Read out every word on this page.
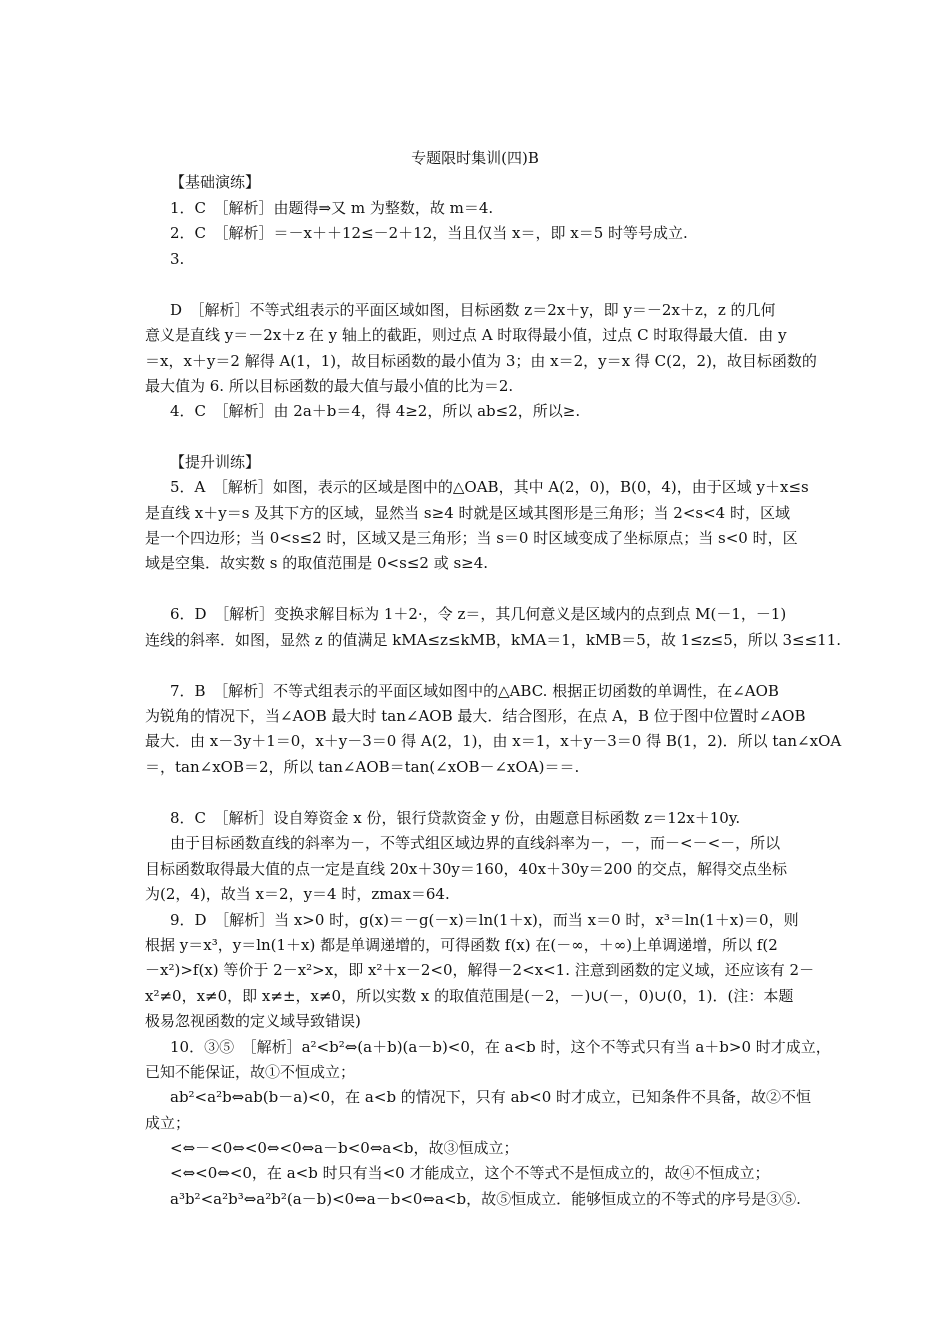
专题限时集训(四)B
【基础演练】
1．C　［解析］由题得⇒又 m 为整数，故 m＝4.
2．C　［解析］＝－x＋＋12≤－2＋12，当且仅当 x＝，即 x＝5 时等号成立.
3.
D　［解析］不等式组表示的平面区域如图，目标函数 z＝2x＋y，即 y＝－2x＋z，z 的几何
意义是直线 y＝－2x＋z 在 y 轴上的截距，则过点 A 时取得最小值，过点 C 时取得最大值．由 y
＝x，x＋y＝2 解得 A(1，1)，故目标函数的最小值为 3；由 x＝2，y＝x 得 C(2，2)，故目标函数的
最大值为 6. 所以目标函数的最大值与最小值的比为＝2.
4．C　［解析］由 2a＋b＝4，得 4≥2，所以 ab≤2，所以≥.
【提升训练】
5．A　［解析］如图，表示的区域是图中的△OAB，其中 A(2，0)，B(0，4)，由于区域 y＋x≤s
是直线 x＋y＝s 及其下方的区域，显然当 s≥4 时就是区域其图形是三角形；当 2<s<4 时，区域
是一个四边形；当 0<s≤2 时，区域又是三角形；当 s＝0 时区域变成了坐标原点；当 s<0 时，区
域是空集．故实数 s 的取值范围是 0<s≤2 或 s≥4.
6．D　［解析］变换求解目标为 1＋2·，令 z＝，其几何意义是区域内的点到点 M(－1，－1)
连线的斜率．如图，显然 z 的值满足 kMA≤z≤kMB，kMA＝1，kMB＝5，故 1≤z≤5，所以 3≤≤11.
7．B　［解析］不等式组表示的平面区域如图中的△ABC. 根据正切函数的单调性，在∠AOB
为锐角的情况下，当∠AOB 最大时 tan∠AOB 最大．结合图形，在点 A，B 位于图中位置时∠AOB
最大．由 x－3y＋1＝0，x＋y－3＝0 得 A(2，1)，由 x＝1，x＋y－3＝0 得 B(1，2)．所以 tan∠xOA
＝，tan∠xOB＝2，所以 tan∠AOB＝tan(∠xOB－∠xOA)＝＝.
8．C　［解析］设自筹资金 x 份，银行贷款资金 y 份，由题意目标函数 z＝12x＋10y.
由于目标函数直线的斜率为－，不等式组区域边界的直线斜率为－，－，而－<－<－，所以
目标函数取得最大值的点一定是直线 20x＋30y＝160，40x＋30y＝200 的交点，解得交点坐标
为(2，4)，故当 x＝2，y＝4 时，zmax＝64.
9．D　［解析］当 x>0 时，g(x)＝－g(－x)＝ln(1＋x)，而当 x＝0 时，x³＝ln(1＋x)＝0，则
根据 y＝x³，y＝ln(1＋x) 都是单调递增的，可得函数 f(x) 在(－∞，＋∞)上单调递增，所以 f(2
－x²)>f(x) 等价于 2－x²>x，即 x²＋x－2<0，解得－2<x<1. 注意到函数的定义域，还应该有 2－
x²≠0，x≠0，即 x≠±，x≠0，所以实数 x 的取值范围是(－2，－)∪(－，0)∪(0，1)．(注：本题
极易忽视函数的定义域导致错误)
10．③⑤　［解析］a²<b²⇔(a＋b)(a－b)<0，在 a<b 时，这个不等式只有当 a＋b>0 时才成立，
已知不能保证，故①不恒成立；
ab²<a²b⇔ab(b－a)<0，在 a<b 的情况下，只有 ab<0 时才成立，已知条件不具备，故②不恒
成立；
<⇔－<0⇔<0⇔<0⇔a－b<0⇔a<b，故③恒成立；
<⇔<0⇔<0，在 a<b 时只有当<0 才能成立，这个不等式不是恒成立的，故④不恒成立；
a³b²<a²b³⇔a²b²(a－b)<0⇔a－b<0⇔a<b，故⑤恒成立．能够恒成立的不等式的序号是③⑤.
